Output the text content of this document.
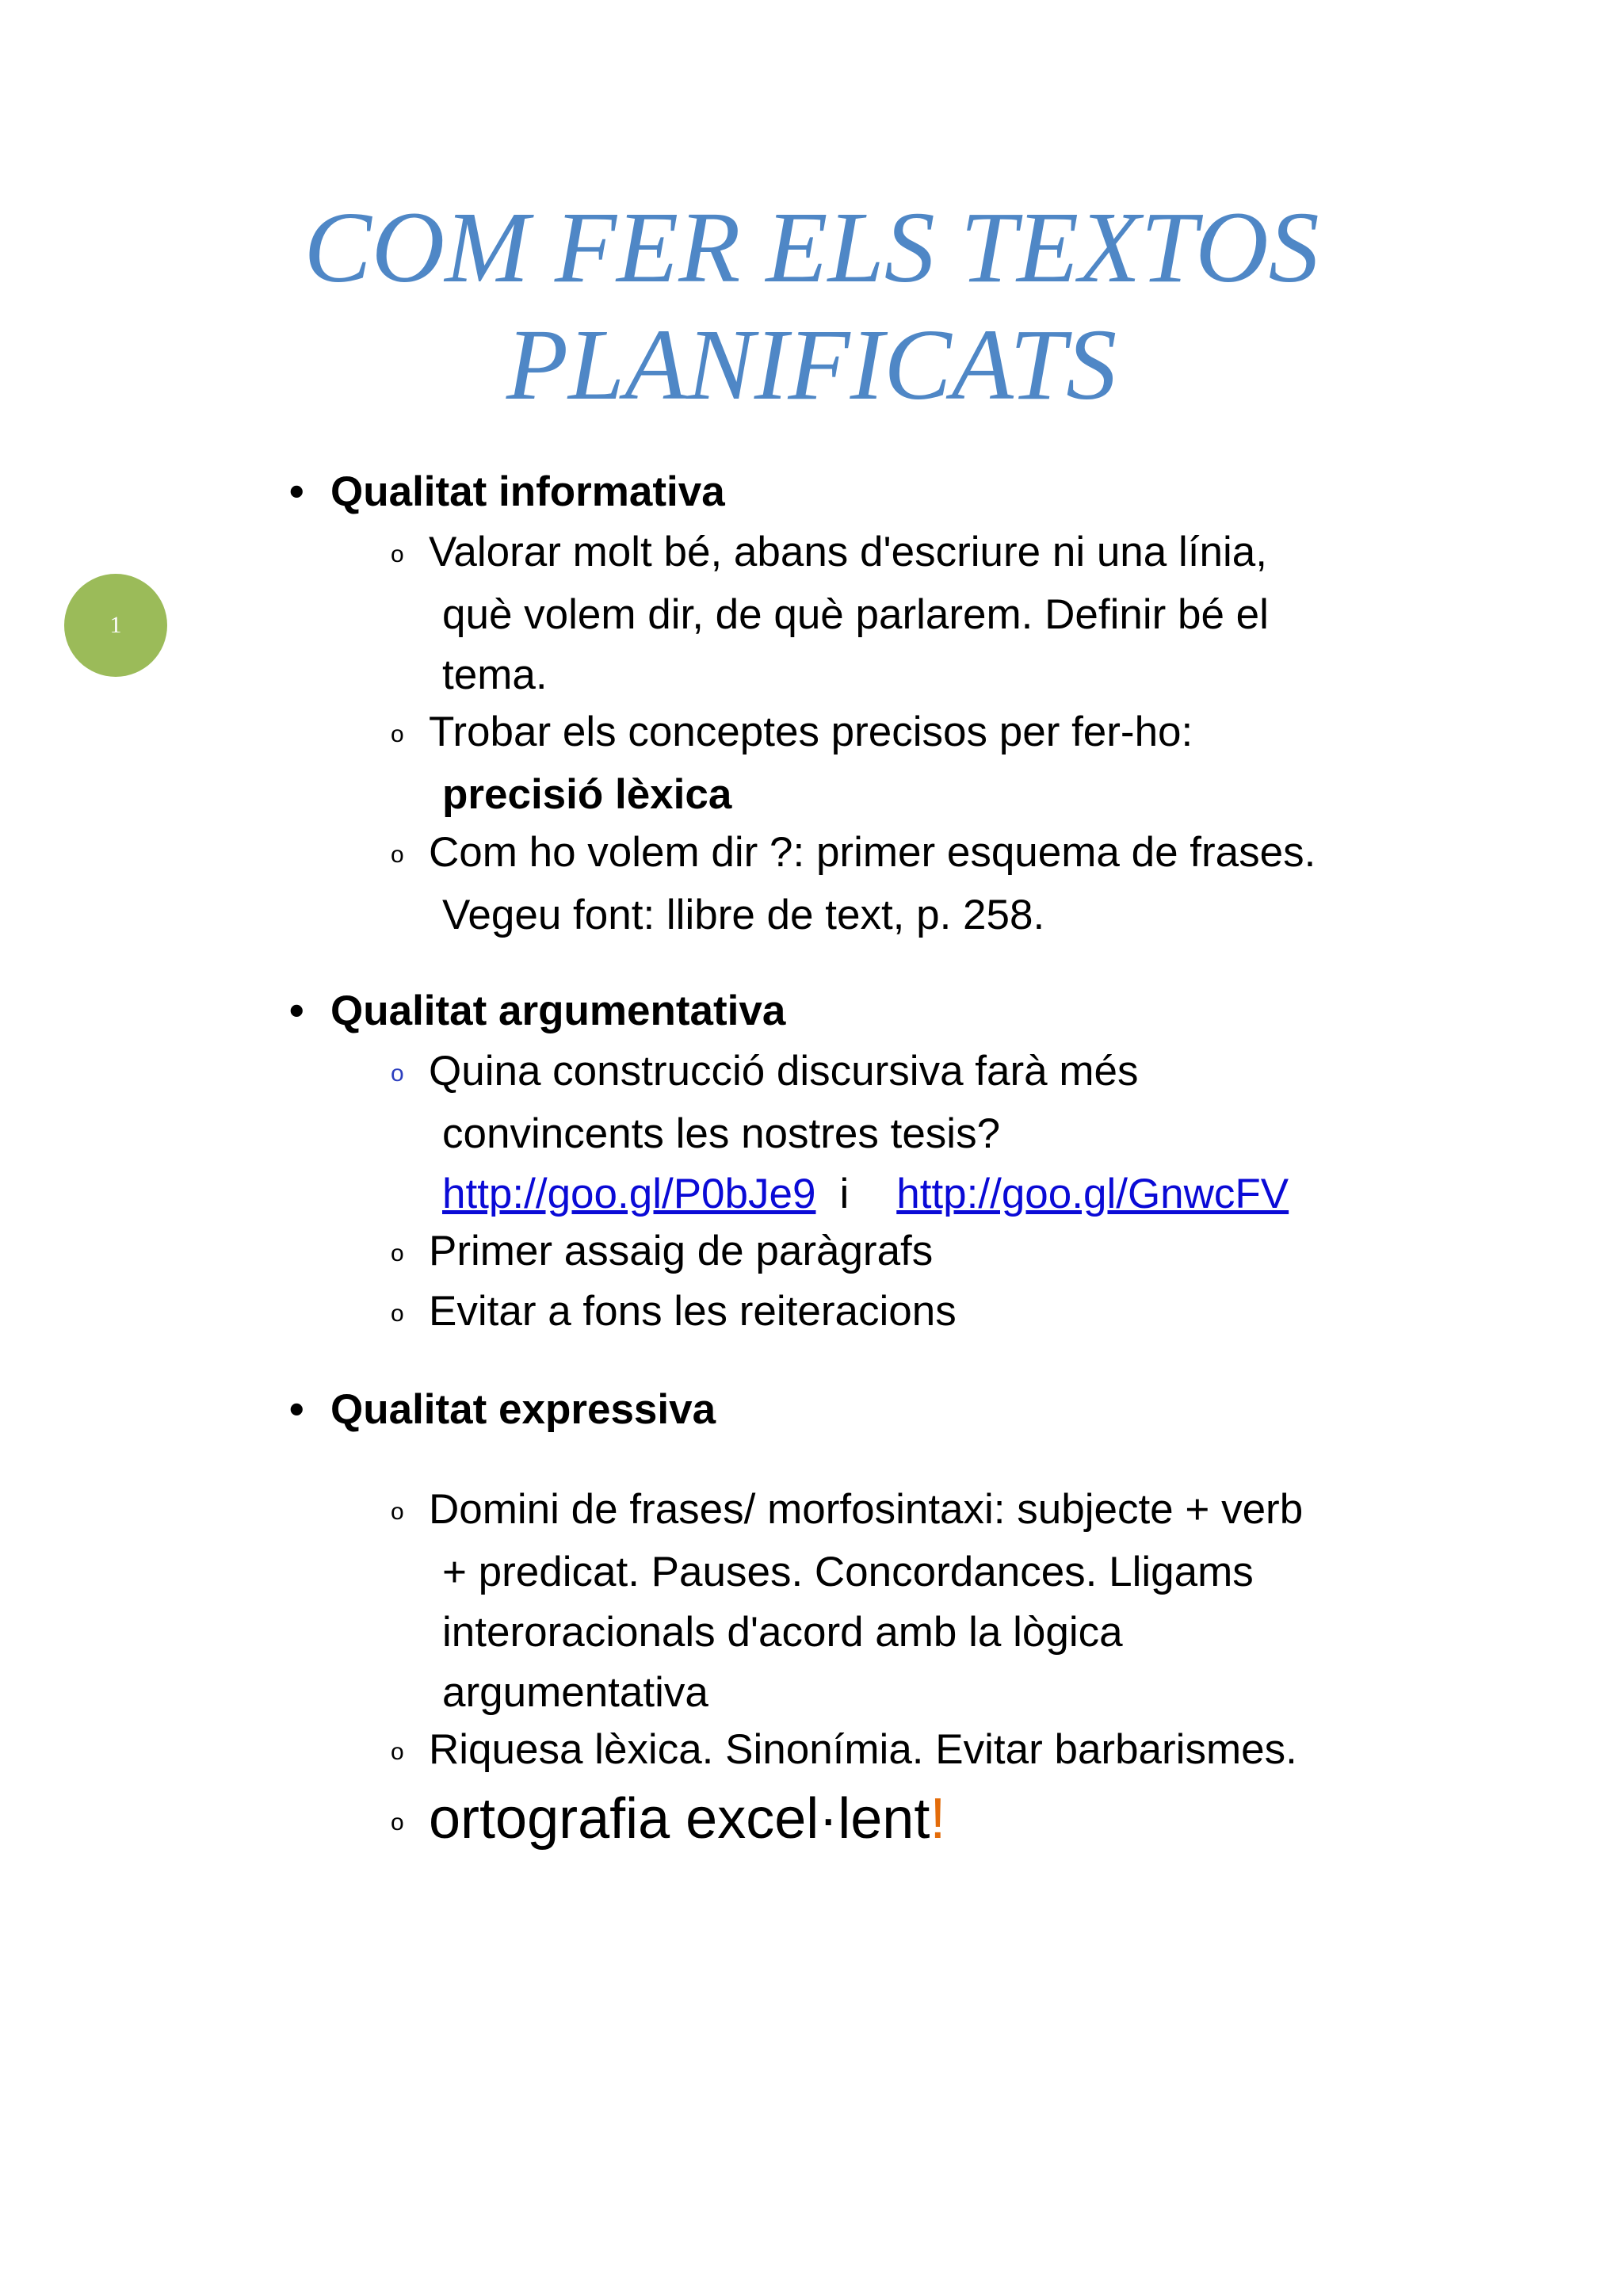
COM FER ELS TEXTOS
PLANIFICATS
1
• Qualitat informativa
o Valorar molt bé, abans d'escriure ni una línia,
què volem dir, de què parlarem. Definir bé el
tema.
o Trobar els conceptes precisos per fer-ho:
precisió lèxica
o Com ho volem dir ?: primer esquema de frases.
Vegeu font: llibre de text, p. 258.
• Qualitat argumentativa
o Quina construcció discursiva farà més
convincents les nostres tesis?
http://goo.gl/P0bJe9 i http://goo.gl/GnwcFV
o Primer assaig de paràgrafs
o Evitar a fons les reiteracions
• Qualitat expressiva
o Domini de frases/ morfosintaxi: subjecte + verb
+ predicat. Pauses. Concordances. Lligams
interoracionals d'acord amb la lògica
argumentativa
o Riquesa lèxica. Sinonímia. Evitar barbarismes.
o ortografia excel·lent!
